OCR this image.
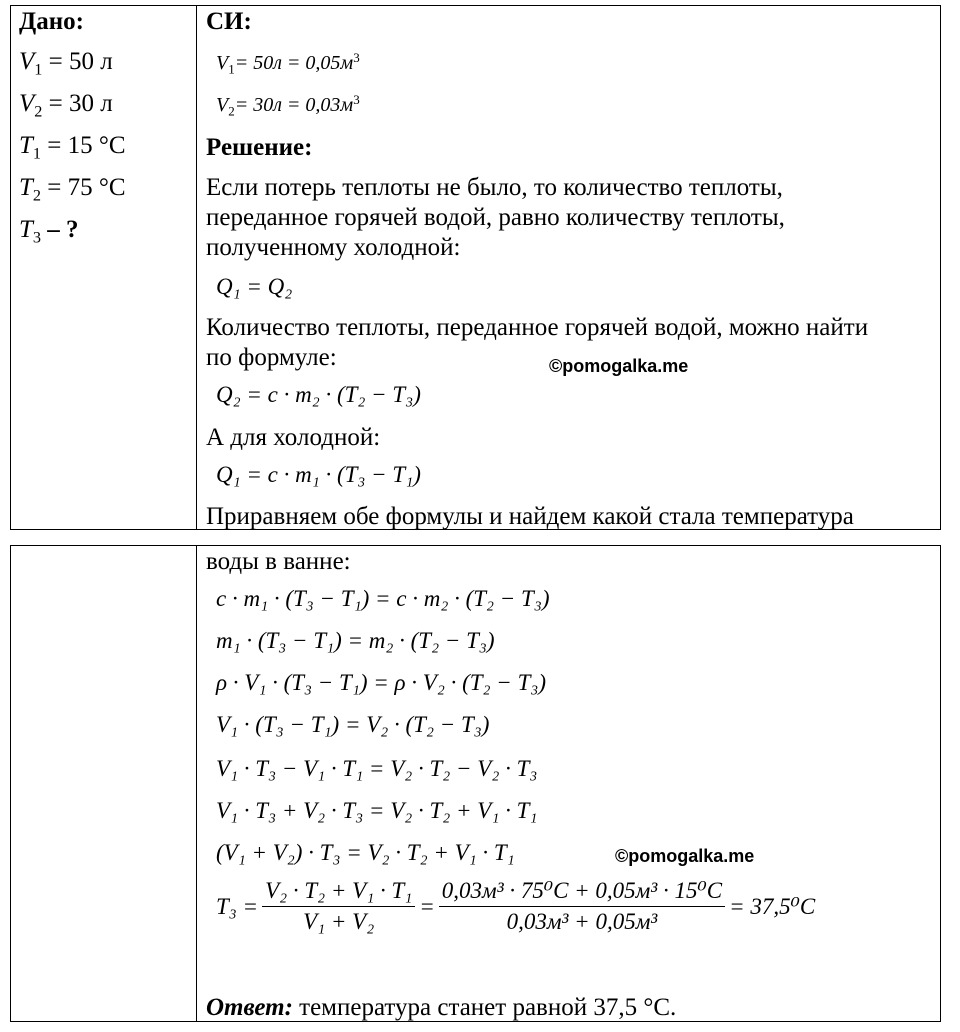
Дано:
$V_1 = 50$ л
$V_2 = 30$ л
$T_1 = 15$ °С
$T_2 = 75$ °С
$T_3$ – ?
СИ:
$V_1= 50л = 0,05м^3$
$V_2= 30л = 0,03м^3$
Решение:
Если потерь теплоты не было, то количество теплоты,
переданное горячей водой, равно количеству теплоты,
полученному холодной:
Q₁ = Q₂
Количество теплоты, переданное горячей водой, можно найти
по формуле:
Q₂ = c · m₂ · (T₂ − T₃)
А для холодной:
Q₁ = c · m₁ · (T₃ − T₁)
Приравняем обе формулы и найдем какой стала температура
©pomogalka.me
воды в ванне:
c · m₁ · (T₃ − T₁) = c · m₂ · (T₂ − T₃)
m₁ · (T₃ − T₁) = m₂ · (T₂ − T₃)
ρ · V₁ · (T₃ − T₁) = ρ · V₂ · (T₂ − T₃)
V₁ · (T₃ − T₁) = V₂ · (T₂ − T₃)
V₁ · T₃ − V₁ · T₁ = V₂ · T₂ − V₂ · T₃
V₁ · T₃ + V₂ · T₃ = V₂ · T₂ + V₁ · T₁
(V₁ + V₂) · T₃ = V₂ · T₂ + V₁ · T₁
$T_3 = \frac{\text{V₂ · T₂ + V₁ · T₁}}{\text{V₁ + V₂}} = \frac{\text{0,03м³ · 75⁰С + 0,05м³ · 15⁰С}}{\text{0,03м³ + 0,05м³}} = 37,5^0С$
Ответ: температура станет равной 37,5 °С.
©pomogalka.me
